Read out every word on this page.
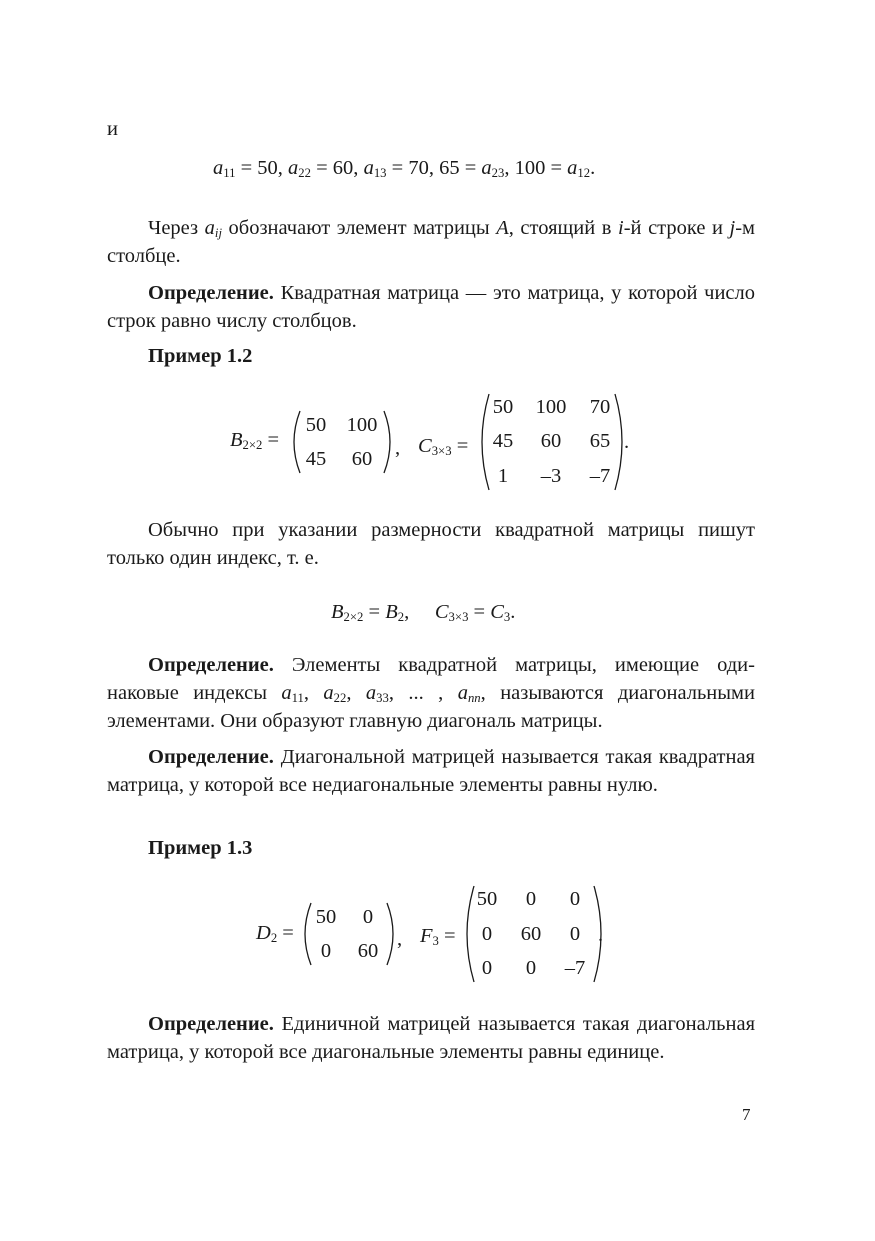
и
$a_{11} = 50$, $a_{22} = 60$, $a_{13} = 70$, $65 = a_{23}$, $100 = a_{12}$.
Через $a_{ij}$ обозначают элемент матрицы A, стоящий в i-й строке и j-м столбце.
Определение. Квадратная матрица — это матрица, у которой число строк равно числу столбцов.
Пример 1.2
$B_{2\times 2}$ =
50 100
45	60	, $C_{3\times 3}$ =
50	100	70
45	60	65
1	–3	–7
.
Обычно при указании размерности квадратной матрицы пишут только один индекс, т. е.
$B_{2\times 2} = B_2$,     $C_{3\times 3} = C_3$.
Определение. Элементы квадратной матрицы, имеющие оди-
наковые индексы $a_{11}$, $a_{22}$, $a_{33}$, ... , $a_{nn}$, называются диагональными
элементами. Они образуют главную диагональ матрицы.
Определение. Диагональной матрицей называется такая квадратная матрица, у которой все недиагональные элементы равны нулю.
Пример 1.3
$D_2$ =
50	0
0	60
, $F_3$ =
50	0	0
0	60	0
0	0	–7
.
Определение. Единичной матрицей называется такая диагональная матрица, у которой все диагональные элементы равны единице.
7
